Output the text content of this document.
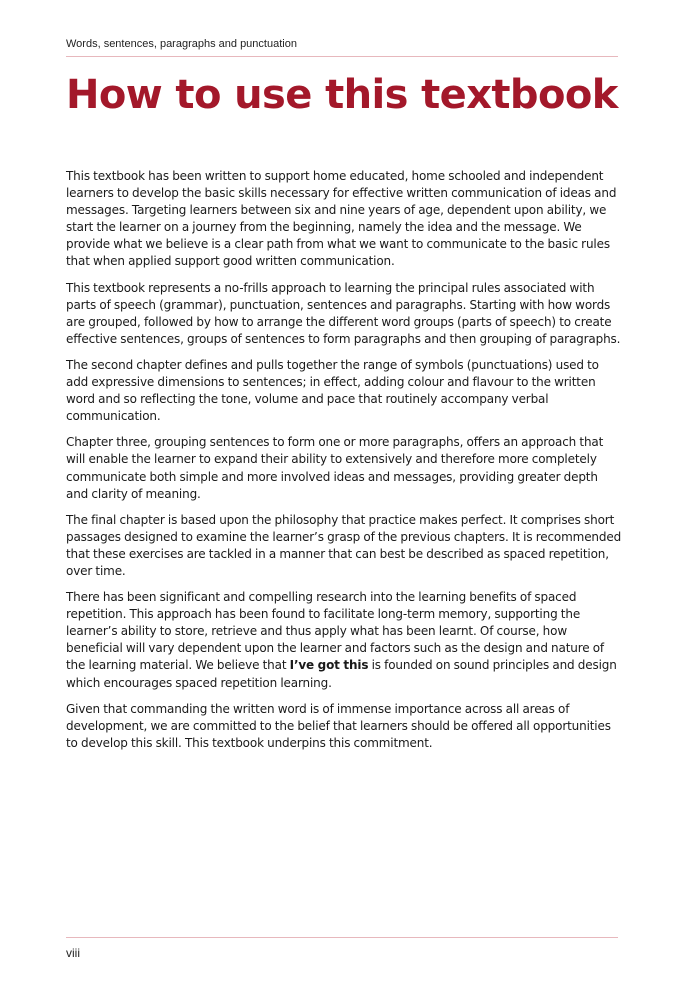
Words, sentences, paragraphs and punctuation
How to use this textbook

This textbook has been written to support home educated, home schooled and independent learners to develop the basic skills necessary for effective written communication of ideas and messages. Targeting learners between six and nine years of age, dependent upon ability, we start the learner on a journey from the beginning, namely the idea and the message. We provide what we believe is a clear path from what we want to communicate to the basic rules that when applied support good written communication.

This textbook represents a no-frills approach to learning the principal rules associated with parts of speech (grammar), punctuation, sentences and paragraphs. Starting with how words are grouped, followed by how to arrange the different word groups (parts of speech) to create effective sentences, groups of sentences to form paragraphs and then grouping of paragraphs.

The second chapter defines and pulls together the range of symbols (punctuations) used to add expressive dimensions to sentences; in effect, adding colour and flavour to the written word and so reflecting the tone, volume and pace that routinely accompany verbal communication.

Chapter three, grouping sentences to form one or more paragraphs, offers an approach that will enable the learner to expand their ability to extensively and therefore more completely communicate both simple and more involved ideas and messages, providing greater depth and clarity of meaning.

The final chapter is based upon the philosophy that practice makes perfect. It comprises short passages designed to examine the learner’s grasp of the previous chapters. It is recommended that these exercises are tackled in a manner that can best be described as spaced repetition, over time.

There has been significant and compelling research into the learning benefits of spaced repetition. This approach has been found to facilitate long-term memory, supporting the learner’s ability to store, retrieve and thus apply what has been learnt. Of course, how beneficial will vary dependent upon the learner and factors such as the design and nature of the learning material. We believe that I’ve got this is founded on sound principles and design which encourages spaced repetition learning.

Given that commanding the written word is of immense importance across all areas of development, we are committed to the belief that learners should be offered all opportunities to develop this skill. This textbook underpins this commitment.

viii
